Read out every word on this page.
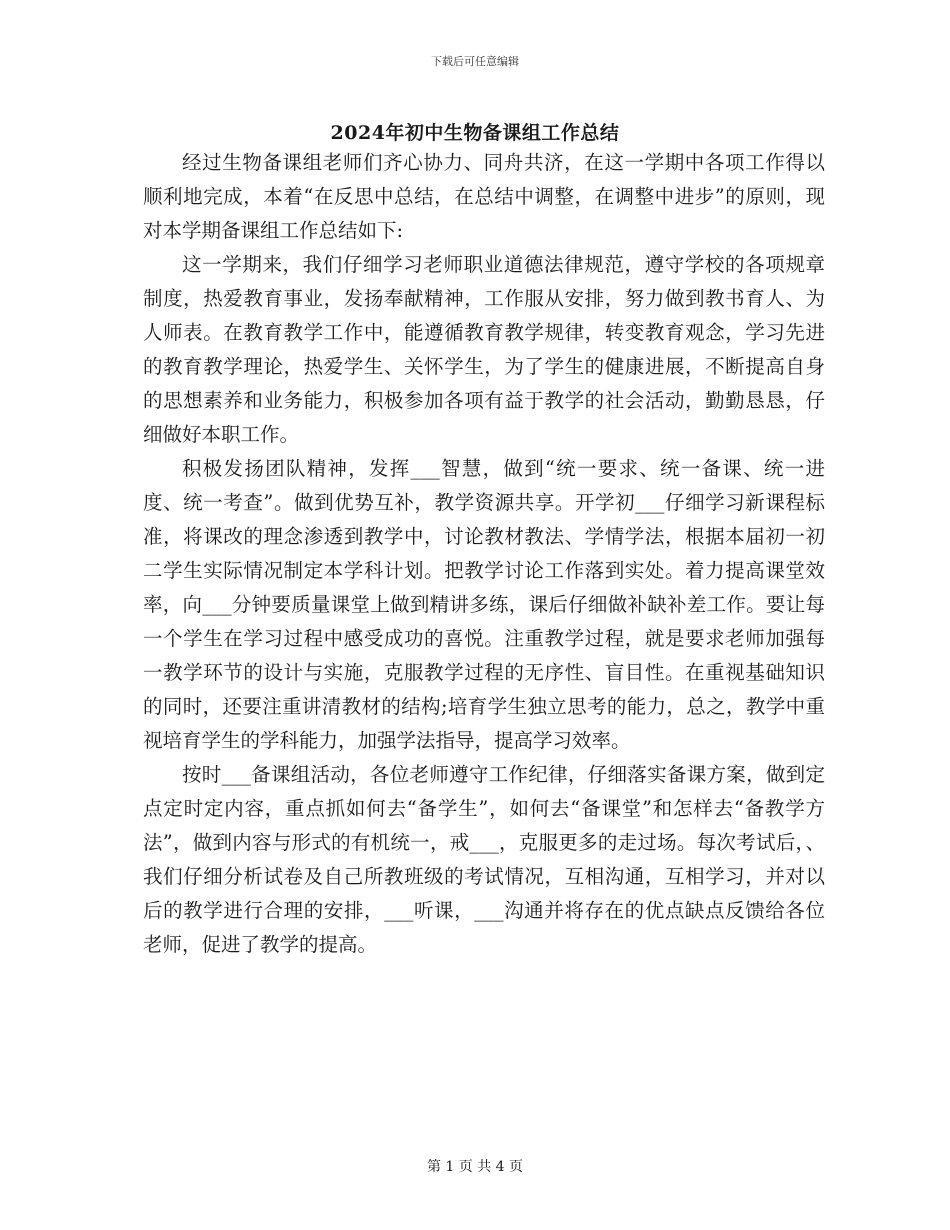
下载后可任意编辑
2024年初中生物备课组工作总结

经过生物备课组老师们齐心协力、同舟共济，在这一学期中各项工作得以顺利地完成，本着“在反思中总结，在总结中调整，在调整中进步”的原则，现对本学期备课组工作总结如下:

这一学期来，我们仔细学习老师职业道德法律规范，遵守学校的各项规章制度，热爱教育事业，发扬奉献精神，工作服从安排，努力做到教书育人、为人师表。在教育教学工作中，能遵循教育教学规律，转变教育观念，学习先进的教育教学理论，热爱学生、关怀学生，为了学生的健康进展，不断提高自身的思想素养和业务能力，积极参加各项有益于教学的社会活动，勤勤恳恳，仔细做好本职工作。

积极发扬团队精神，发挥___智慧，做到“统一要求、统一备课、统一进度、统一考查”。做到优势互补，教学资源共享。开学初___仔细学习新课程标准，将课改的理念渗透到教学中，讨论教材教法、学情学法，根据本届初一初二学生实际情况制定本学科计划。把教学讨论工作落到实处。着力提高课堂效率，向___分钟要质量课堂上做到精讲多练，课后仔细做补缺补差工作。要让每一个学生在学习过程中感受成功的喜悦。注重教学过程，就是要求老师加强每一教学环节的设计与实施，克服教学过程的无序性、盲目性。在重视基础知识的同时，还要注重讲清教材的结构;培育学生独立思考的能力，总之，教学中重视培育学生的学科能力，加强学法指导，提高学习效率。

按时___备课组活动，各位老师遵守工作纪律，仔细落实备课方案，做到定点定时定内容，重点抓如何去“备学生”，如何去“备课堂”和怎样去“备教学方法”，做到内容与形式的有机统一，戒___，克服更多的走过场。每次考试后，、我们仔细分析试卷及自己所教班级的考试情况，互相沟通，互相学习，并对以后的教学进行合理的安排，___听课，___沟通并将存在的优点缺点反馈给各位老师，促进了教学的提高。

第 1 页 共 4 页
